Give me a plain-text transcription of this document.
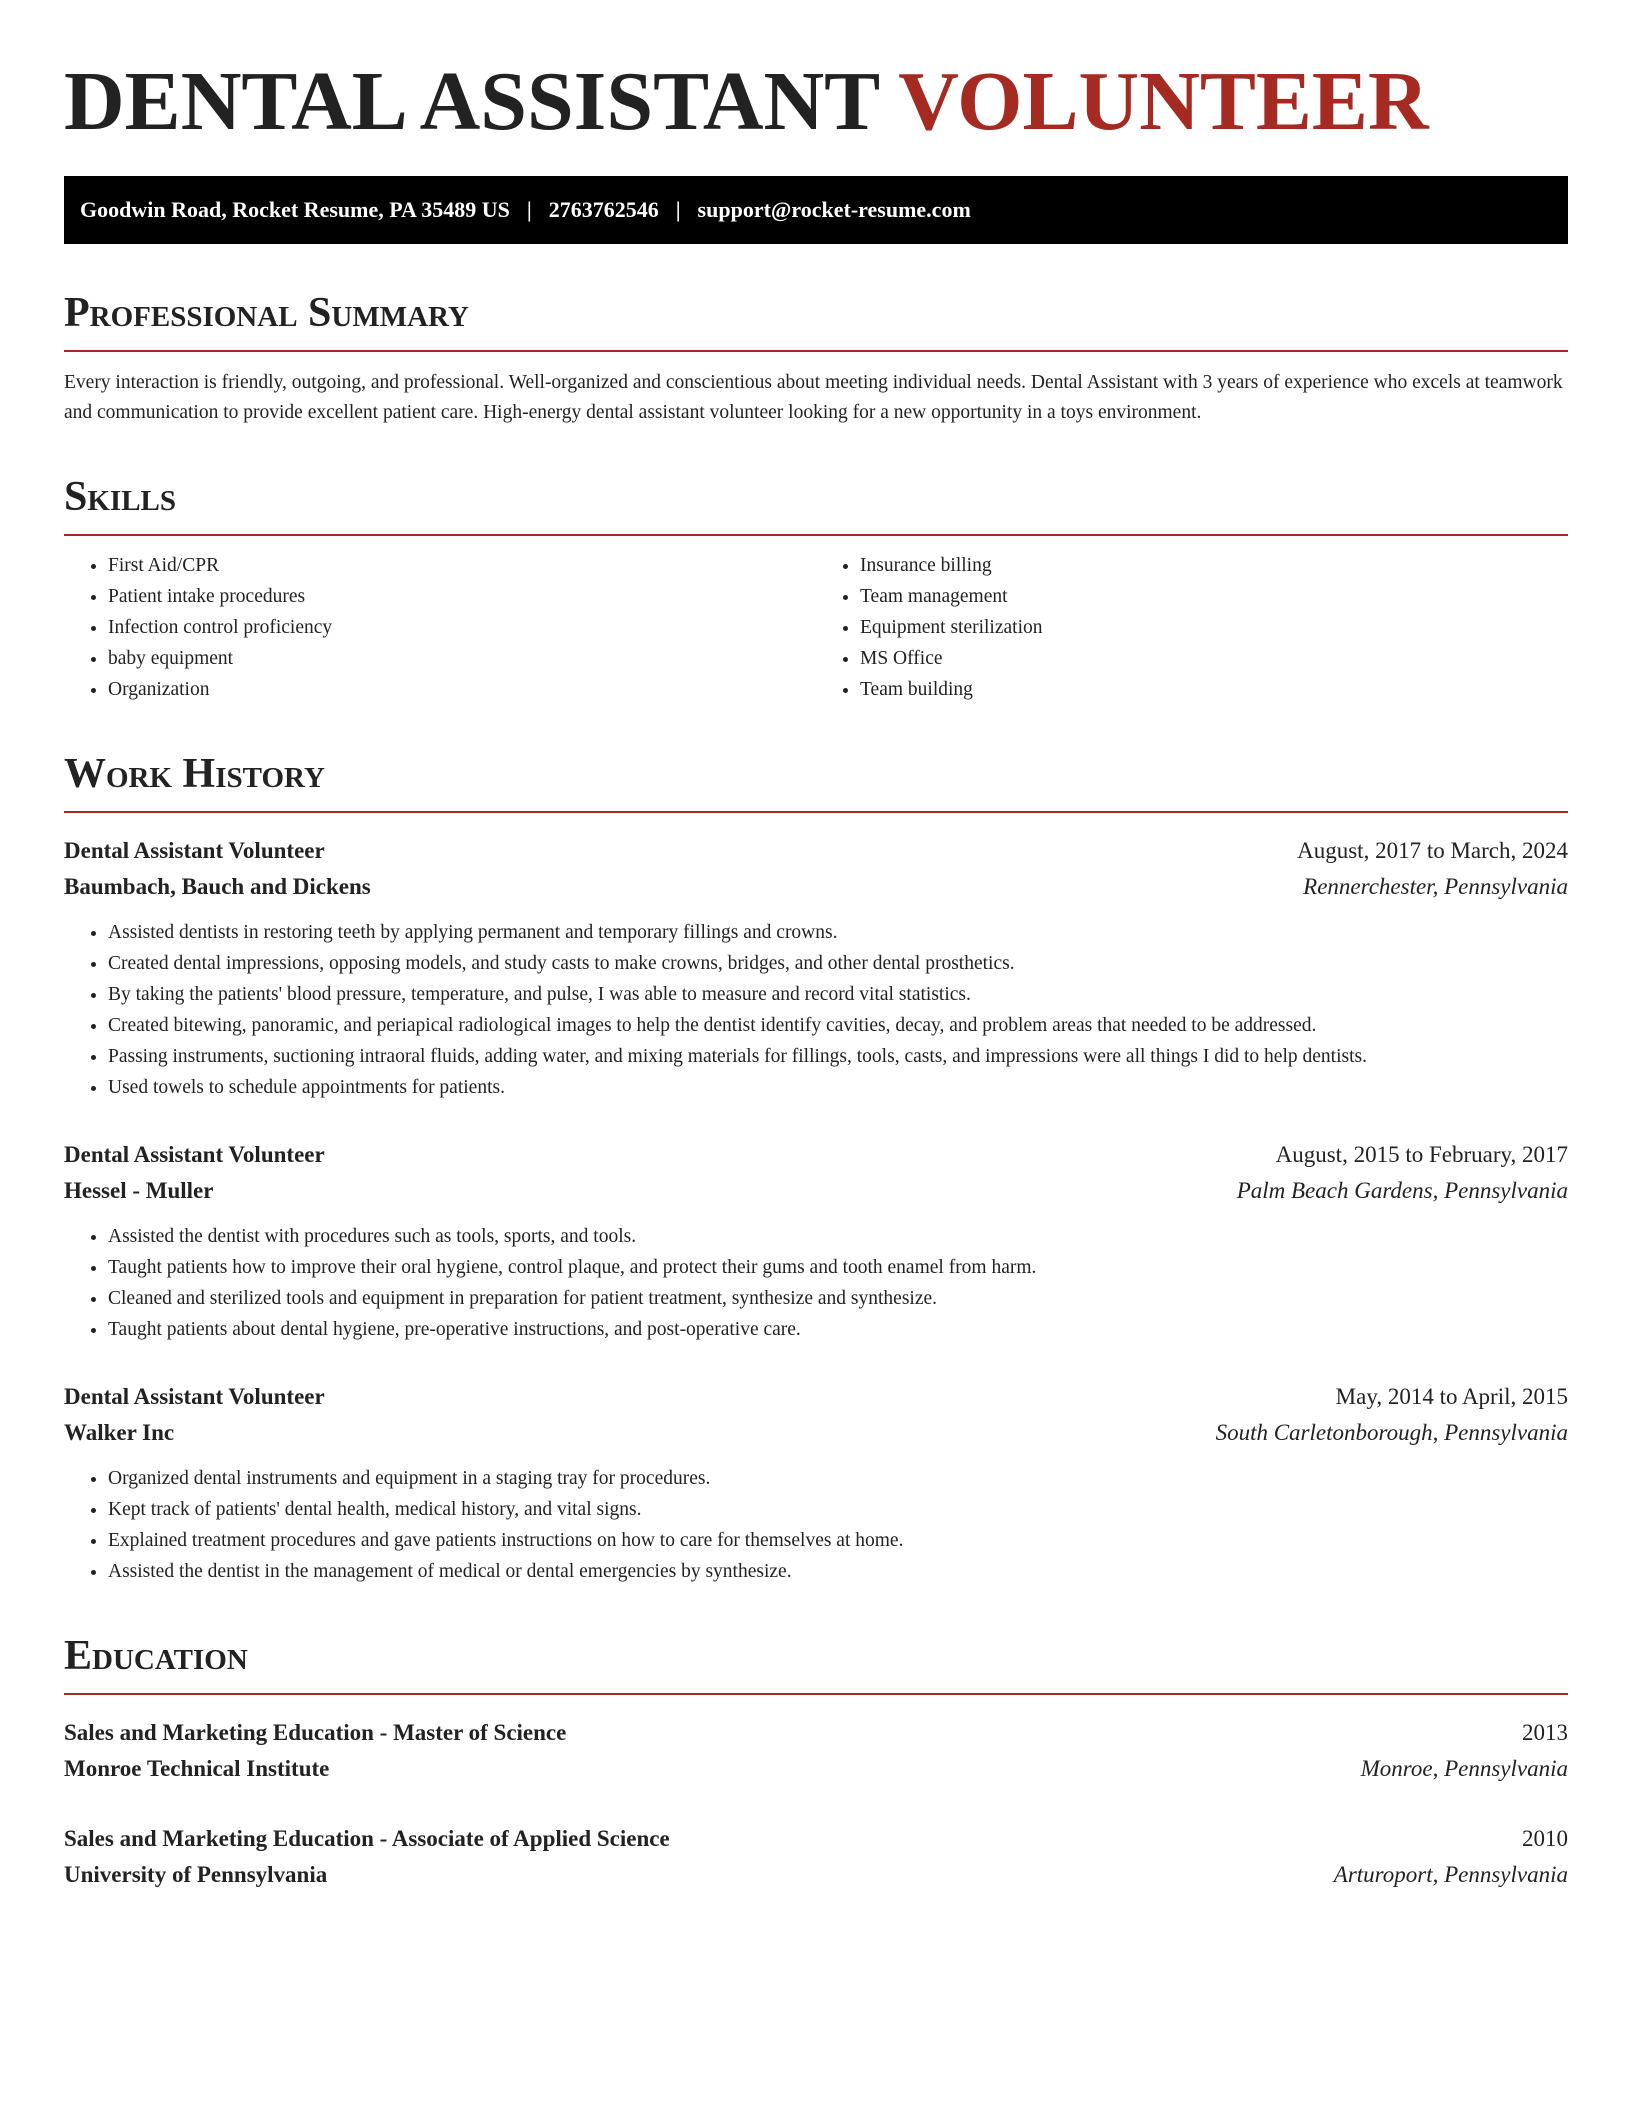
DENTAL ASSISTANT VOLUNTEER
Goodwin Road, Rocket Resume, PA 35489 US | 2763762546 | support@rocket-resume.com
Professional Summary

Every interaction is friendly, outgoing, and professional. Well-organized and conscientious about meeting individual needs. Dental Assistant with 3 years of experience who excels at teamwork and communication to provide excellent patient care. High-energy dental assistant volunteer looking for a new opportunity in a toys environment.

Skills
• First Aid/CPR
• Patient intake procedures
• Infection control proficiency
• baby equipment
• Organization
• Insurance billing
• Team management
• Equipment sterilization
• MS Office
• Team building
Work History
Dental Assistant Volunteer	August, 2017 to March, 2024
Baumbach, Bauch and Dickens	Rennerchester, Pennsylvania
• Assisted dentists in restoring teeth by applying permanent and temporary fillings and crowns.
• Created dental impressions, opposing models, and study casts to make crowns, bridges, and other dental prosthetics.
• By taking the patients' blood pressure, temperature, and pulse, I was able to measure and record vital statistics.
• Created bitewing, panoramic, and periapical radiological images to help the dentist identify cavities, decay, and problem areas that needed to be addressed.
• Passing instruments, suctioning intraoral fluids, adding water, and mixing materials for fillings, tools, casts, and impressions were all things I did to help dentists.
• Used towels to schedule appointments for patients.
Dental Assistant Volunteer	August, 2015 to February, 2017
Hessel - Muller	Palm Beach Gardens, Pennsylvania
• Assisted the dentist with procedures such as tools, sports, and tools.
• Taught patients how to improve their oral hygiene, control plaque, and protect their gums and tooth enamel from harm.
• Cleaned and sterilized tools and equipment in preparation for patient treatment, synthesize and synthesize.
• Taught patients about dental hygiene, pre-operative instructions, and post-operative care.
Dental Assistant Volunteer	May, 2014 to April, 2015
Walker Inc	South Carletonborough, Pennsylvania
• Organized dental instruments and equipment in a staging tray for procedures.
• Kept track of patients' dental health, medical history, and vital signs.
• Explained treatment procedures and gave patients instructions on how to care for themselves at home.
• Assisted the dentist in the management of medical or dental emergencies by synthesize.
Education
Sales and Marketing Education - Master of Science	2013
Monroe Technical Institute	Monroe, Pennsylvania
Sales and Marketing Education - Associate of Applied Science	2010
University of Pennsylvania	Arturoport, Pennsylvania
